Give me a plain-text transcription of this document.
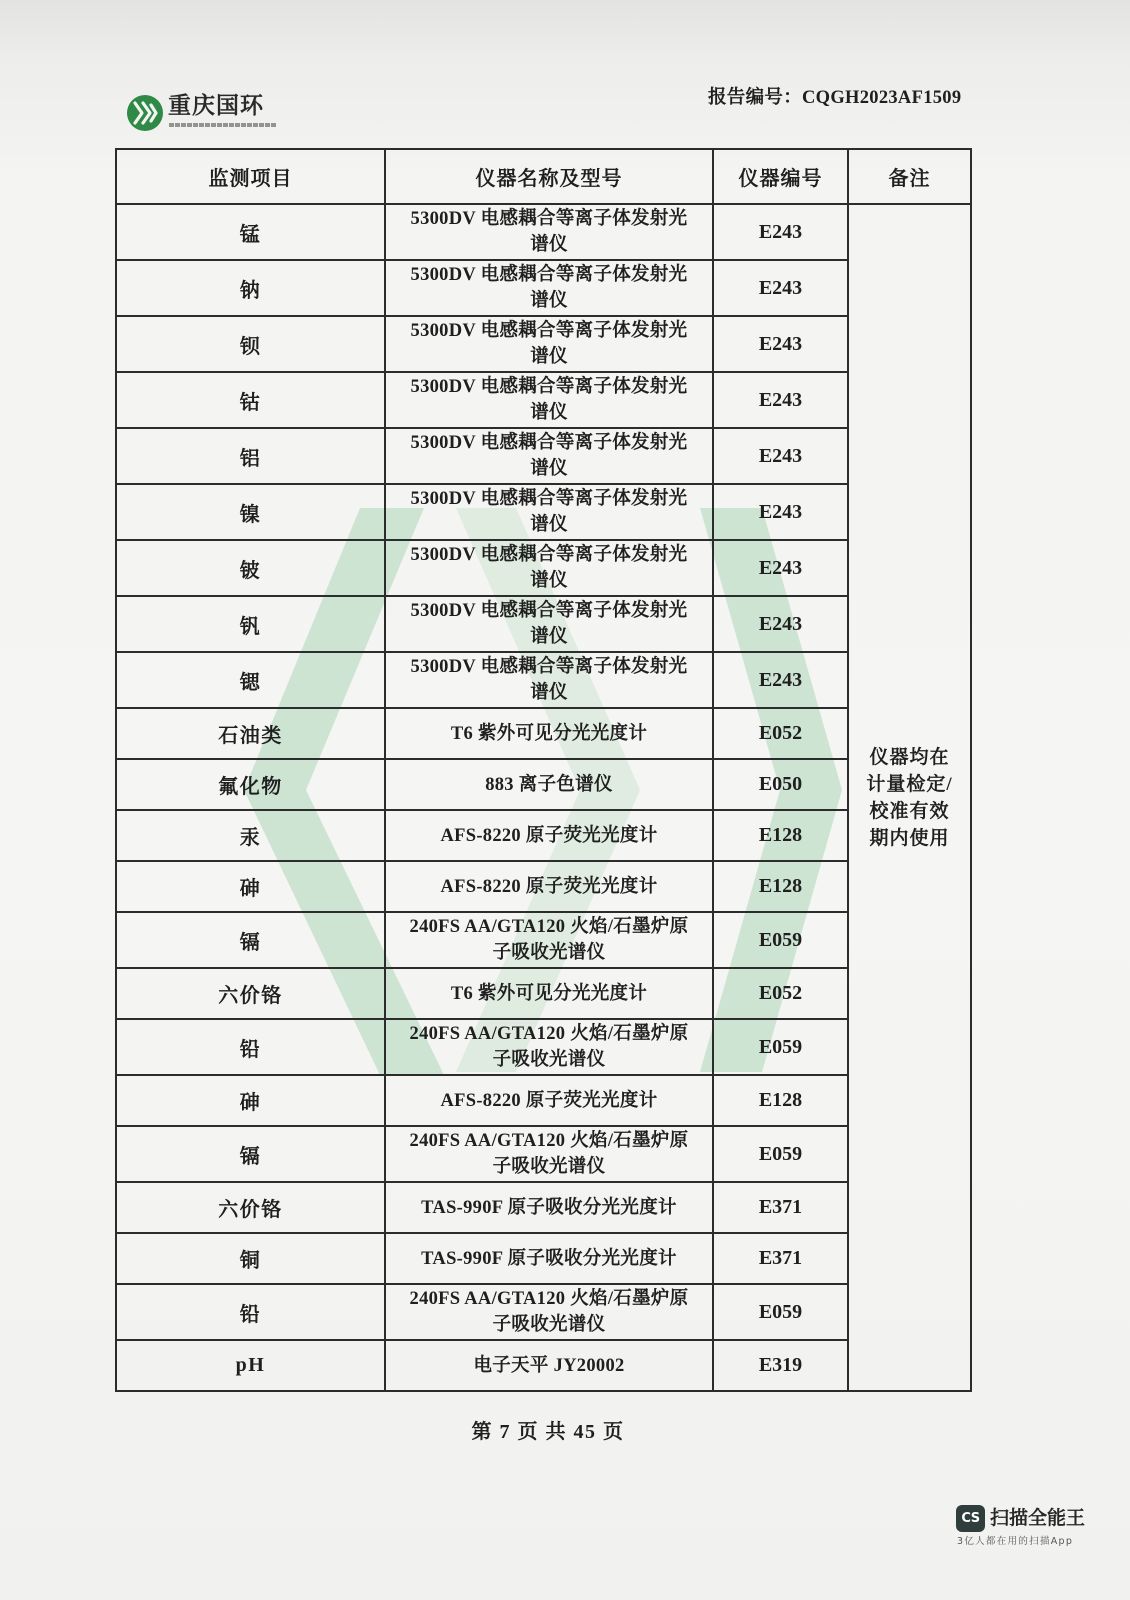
重庆国环	报告编号：CQGH2023AF1509
监测项目	仪器名称及型号	仪器编号	备注
锰	5300DV 电感耦合等离子体发射光
谱仪	E243	仪器均在
计量检定/
校准有效
期内使用
钠	5300DV 电感耦合等离子体发射光
谱仪	E243	
钡	5300DV 电感耦合等离子体发射光
谱仪	E243	
钴	5300DV 电感耦合等离子体发射光
谱仪	E243	
铝	5300DV 电感耦合等离子体发射光
谱仪	E243	
镍	5300DV 电感耦合等离子体发射光
谱仪	E243	
铍	5300DV 电感耦合等离子体发射光
谱仪	E243	
钒	5300DV 电感耦合等离子体发射光
谱仪	E243	
锶	5300DV 电感耦合等离子体发射光
谱仪	E243	
石油类	T6 紫外可见分光光度计	E052	
氟化物	883 离子色谱仪	E050	
汞	AFS-8220 原子荧光光度计	E128	
砷	AFS-8220 原子荧光光度计	E128	
镉	240FS AA/GTA120 火焰/石墨炉原
子吸收光谱仪	E059	
六价铬	T6 紫外可见分光光度计	E052	
铅	240FS AA/GTA120 火焰/石墨炉原
子吸收光谱仪	E059	
砷	AFS-8220 原子荧光光度计	E128	
镉	240FS AA/GTA120 火焰/石墨炉原
子吸收光谱仪	E059	
六价铬	TAS-990F 原子吸收分光光度计	E371	
铜	TAS-990F 原子吸收分光光度计	E371	
铅	240FS AA/GTA120 火焰/石墨炉原
子吸收光谱仪	E059	
pH	电子天平 JY20002	E319	
第 7 页 共 45 页
CS 扫描全能王
3亿人都在用的扫描App
